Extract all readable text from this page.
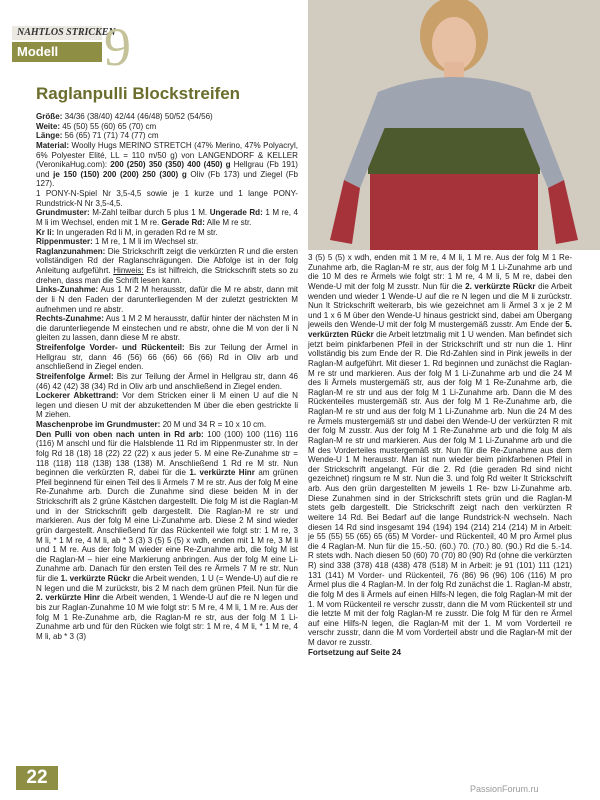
NAHTLOS STRICKEN
Modell 9
Raglanpulli Blockstreifen

Größe: 34/36 (38/40) 42/44 (46/48) 50/52 (54/56)

Weite: 45 (50) 55 (60) 65 (70) cm

Länge: 56 (65) 71 (71) 74 (77) cm

Material: Woolly Hugs MERINO STRETCH (47% Merino, 47% Polyacryl, 6% Polyester Elité, LL = 110 m/50 g) von LANGENDORF & KELLER (VeronikaHug.com): 200 (250) 350 (350) 400 (450) g Hellgrau (Fb 191) und je 150 (150) 200 (200) 250 (300) g Oliv (Fb 173) und Ziegel (Fb 127).

1 PONY-N-Spiel Nr 3,5-4,5 sowie je 1 kurze und 1 lange PONY-Rundstrick-N Nr 3,5-4,5.

Grundmuster: M-Zahl teilbar durch 5 plus 1 M. Ungerade Rd: 1 M re, 4 M li im Wechsel, enden mit 1 M re. Gerade Rd: Alle M re str.

Kr li: In ungeraden Rd li M, in geraden Rd re M str.

Rippenmuster: 1 M re, 1 M li im Wechsel str.

Raglanzunahmen: Die Strickschrift zeigt die verkürzten R und die ersten vollständigen Rd der Raglanschrägungen. Die Abfolge ist in der folg Anleitung aufgeführt. Hinweis: Es ist hilfreich, die Strickschrift stets so zu drehen, dass man die Schrift lesen kann.

Links-Zunahme: Aus 1 M 2 M herausstr, dafür die M re abstr, dann mit der li N den Faden der darunterliegenden M der zuletzt gestrickten M aufnehmen und re abstr.

Rechts-Zunahme: Aus 1 M 2 M herausstr, dafür hinter der nächsten M in die darunterliegende M einstechen und re abstr, ohne die M von der li N gleiten zu lassen, dann diese M re abstr.

Streifenfolge Vorder- und Rückenteil: Bis zur Teilung der Ärmel in Hellgrau str, dann 46 (56) 66 (66) 66 (66) Rd in Oliv arb und anschließend in Ziegel enden.

Streifenfolge Ärmel: Bis zur Teilung der Ärmel in Hellgrau str, dann 46 (46) 42 (42) 38 (34) Rd in Oliv arb und anschließend in Ziegel enden.

Lockerer Abkettrand: Vor dem Stricken einer li M einen U auf die N legen und diesen U mit der abzukettenden M über die eben gestrickte li M ziehen.

Maschenprobe im Grundmuster: 20 M und 34 R = 10 x 10 cm.

Den Pulli von oben nach unten in Rd arb: 100 (100) 100 (116) 116 (116) M anschl und für die Halsblende 11 Rd im Rippenmuster str. In der folg Rd 18 (18) 18 (22) 22 (22) x aus jeder 5. M eine Re-Zunahme str = 118 (118) 118 (138) 138 (138) M. Anschließend 1 Rd re M str. Nun beginnen die verkürzten R, dabei für die 1. verkürzte Hinr am grünen Pfeil beginnend für einen Teil des li Ärmels 7 M re str. Aus der folg M eine Re-Zunahme arb. Durch die Zunahme sind diese beiden M in der Strickschrift als 2 grüne Kästchen dargestellt. Die folg M ist die Raglan-M und in der Strickschrift gelb dargestellt. Die Raglan-M re str und markieren. Aus der folg M eine Li-Zunahme arb. Diese 2 M sind wieder grün dargestellt. Anschließend für das Rückenteil wie folgt str: 1 M re, 3 M li, * 1 M re, 4 M li, ab * 3 (3) 3 (5) 5 (5) x wdh, enden mit 1 M re, 3 M li und 1 M re. Aus der folg M wieder eine Re-Zunahme arb, die folg M ist die Raglan-M – hier eine Markierung anbringen. Aus der folg M eine Li-Zunahme arb. Danach für den ersten Teil des re Ärmels 7 M re str. Nun für die 1. verkürzte Rückr die Arbeit wenden, 1 U (= Wende-U) auf die re N legen und die M zurückstr, bis 2 M nach dem grünen Pfeil. Nun für die 2. verkürzte Hinr die Arbeit wenden, 1 Wende-U auf die re N legen und bis zur Raglan-Zunahme 10 M wie folgt str: 5 M re, 4 M li, 1 M re. Aus der folg M 1 Re-Zunahme arb, die Raglan-M re str, aus der folg M 1 Li-Zunahme arb und für den Rücken wie folgt str: 1 M re, 4 M li, * 1 M re, 4 M li, ab * 3 (3)

3 (5) 5 (5) x wdh, enden mit 1 M re, 4 M li, 1 M re. Aus der folg M 1 Re-Zunahme arb, die Raglan-M re str, aus der folg M 1 Li-Zunahme arb und die 10 M des re Ärmels wie folgt str: 1 M re, 4 M li, 5 M re, dabei den Wende-U mit der folg M zusstr. Nun für die 2. verkürzte Rückr die Arbeit wenden und wieder 1 Wende-U auf die re N legen und die M li zurückstr. Nun lt Strickschrift weiterarb, bis wie gezeichnet am li Ärmel 3 x je 2 M und 1 x 6 M über den Wende-U hinaus gestrickt sind, dabei am Übergang jeweils den Wende-U mit der folg M mustergemäß zusstr. Am Ende der 5. verkürzten Rückr die Arbeit letztmalig mit 1 U wenden. Man befindet sich jetzt beim pinkfarbenen Pfeil in der Strickschrift und str nun die 1. Hinr vollständig bis zum Ende der R. Die Rd-Zahlen sind in Pink jeweils in der Raglan-M aufgeführt. Mit dieser 1. Rd beginnen und zunächst die Raglan-M re str und markieren. Aus der folg M 1 Li-Zunahme arb und die 24 M des li Ärmels mustergemäß str, aus der folg M 1 Re-Zunahme arb, die Raglan-M re str und aus der folg M 1 Li-Zunahme arb. Dann die M des Rückenteiles mustergemäß str. Aus der folg M 1 Re-Zunahme arb, die Raglan-M re str und aus der folg M 1 Li-Zunahme arb. Nun die 24 M des re Ärmels mustergemäß str und dabei den Wende-U der verkürzten R mit der folg M zusstr. Aus der folg M 1 Re-Zunahme arb und die folg M als Raglan-M re str und markieren. Aus der folg M 1 Li-Zunahme arb und die M des Vorderteiles mustergemäß str. Nun für die Re-Zunahme aus dem Wende-U 1 M herausstr. Man ist nun wieder beim pinkfarbenen Pfeil in der Strickschrift angelangt. Für die 2. Rd (die geraden Rd sind nicht gezeichnet) ringsum re M str. Nun die 3. und folg Rd weiter lt Strickschrift arb. Aus den grün dargestellten M jeweils 1 Re- bzw Li-Zunahme arb. Diese Zunahmen sind in der Strickschrift stets grün und die Raglan-M stets gelb dargestellt. Die Strickschrift zeigt nach den verkürzten R weitere 14 Rd. Bei Bedarf auf die lange Rundstrick-N wechseln. Nach diesen 14 Rd sind insgesamt 194 (194) 194 (214) 214 (214) M in Arbeit: je 55 (55) 55 (65) 65 (65) M Vorder- und Rückenteil, 40 M pro Ärmel plus die 4 Raglan-M. Nun für die 15.-50. (60.) 70. (70.) 80. (90.) Rd die 5.-14. R stets wdh. Nach diesen 50 (60) 70 (70) 80 (90) Rd (ohne die verkürzten R) sind 338 (378) 418 (438) 478 (518) M in Arbeit: je 91 (101) 111 (121) 131 (141) M Vorder- und Rückenteil, 76 (86) 96 (96) 106 (116) M pro Ärmel plus die 4 Raglan-M. In der folg Rd zunächst die 1. Raglan-M abstr, die folg M des li Ärmels auf einen Hilfs-N legen, die folg Raglan-M mit der 1. M vom Rückenteil re verschr zusstr, dann die M vom Rückenteil str und die letzte M mit der folg Raglan-M re zusstr. Die folg M für den re Ärmel auf eine Hilfs-N legen, die Raglan-M mit der 1. M vom Vorderteil re verschr zusstr, dann die M vom Vorderteil abstr und die Raglan-M mit der M davor re zusstr.

Fortsetzung auf Seite 24

22
PassionForum.ru
